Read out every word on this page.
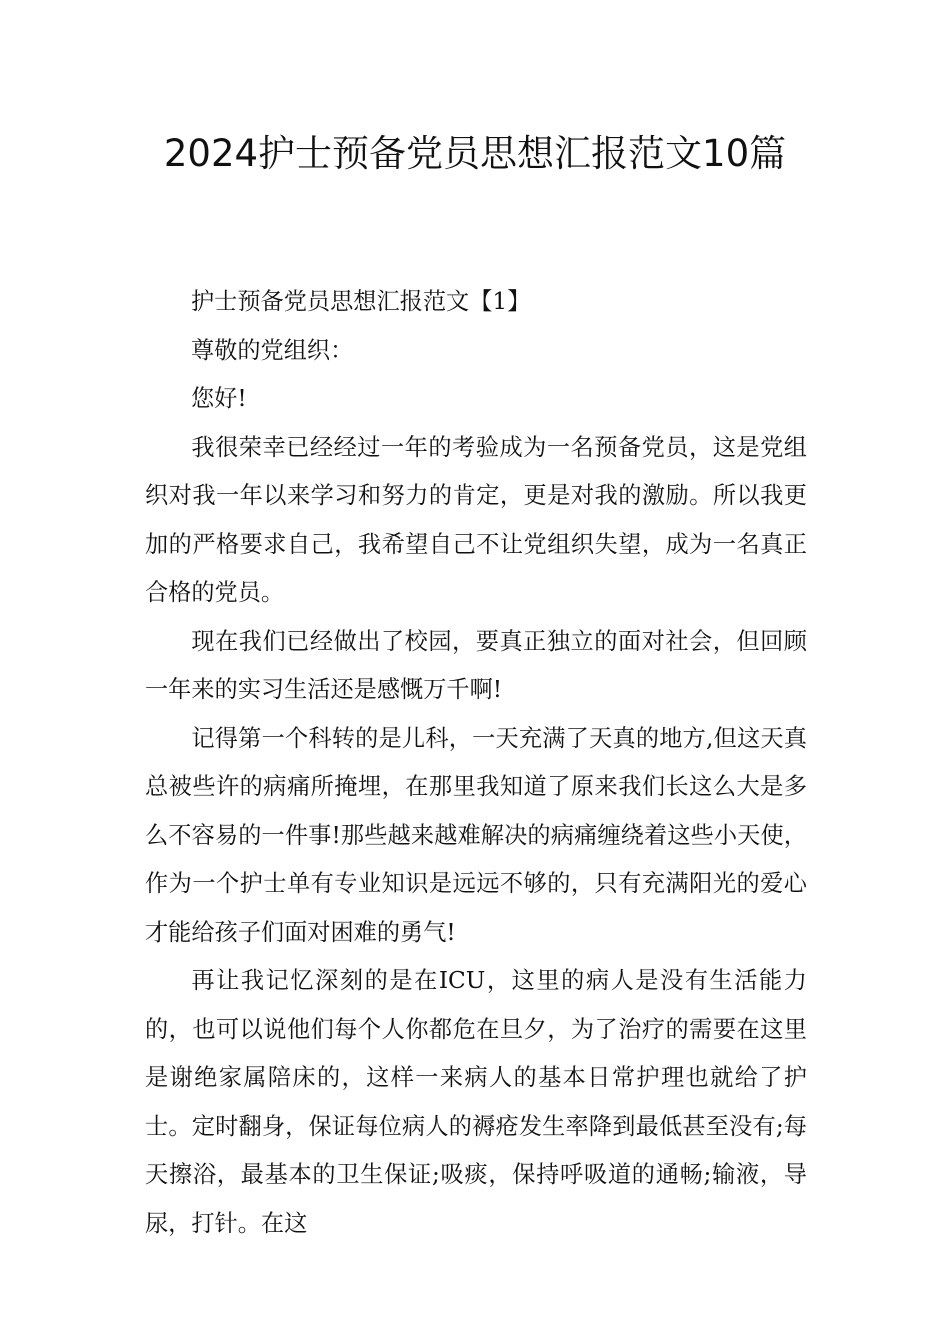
2024护士预备党员思想汇报范文10篇

护士预备党员思想汇报范文【1】

尊敬的党组织：

您好!

我很荣幸已经经过一年的考验成为一名预备党员，这是党组织对我一年以来学习和努力的肯定，更是对我的激励。所以我更加的严格要求自己，我希望自己不让党组织失望，成为一名真正合格的党员。

现在我们已经做出了校园，要真正独立的面对社会，但回顾一年来的实习生活还是感慨万千啊!

记得第一个科转的是儿科，一天充满了天真的地方,但这天真总被些许的病痛所掩埋，在那里我知道了原来我们长这么大是多么不容易的一件事!那些越来越难解决的病痛缠绕着这些小天使，作为一个护士单有专业知识是远远不够的，只有充满阳光的爱心才能给孩子们面对困难的勇气!

再让我记忆深刻的是在ICU，这里的病人是没有生活能力的，也可以说他们每个人你都危在旦夕，为了治疗的需要在这里是谢绝家属陪床的，这样一来病人的基本日常护理也就给了护士。定时翻身，保证每位病人的褥疮发生率降到最低甚至没有;每天擦浴，最基本的卫生保证;吸痰，保持呼吸道的通畅;输液，导尿，打针。在这
